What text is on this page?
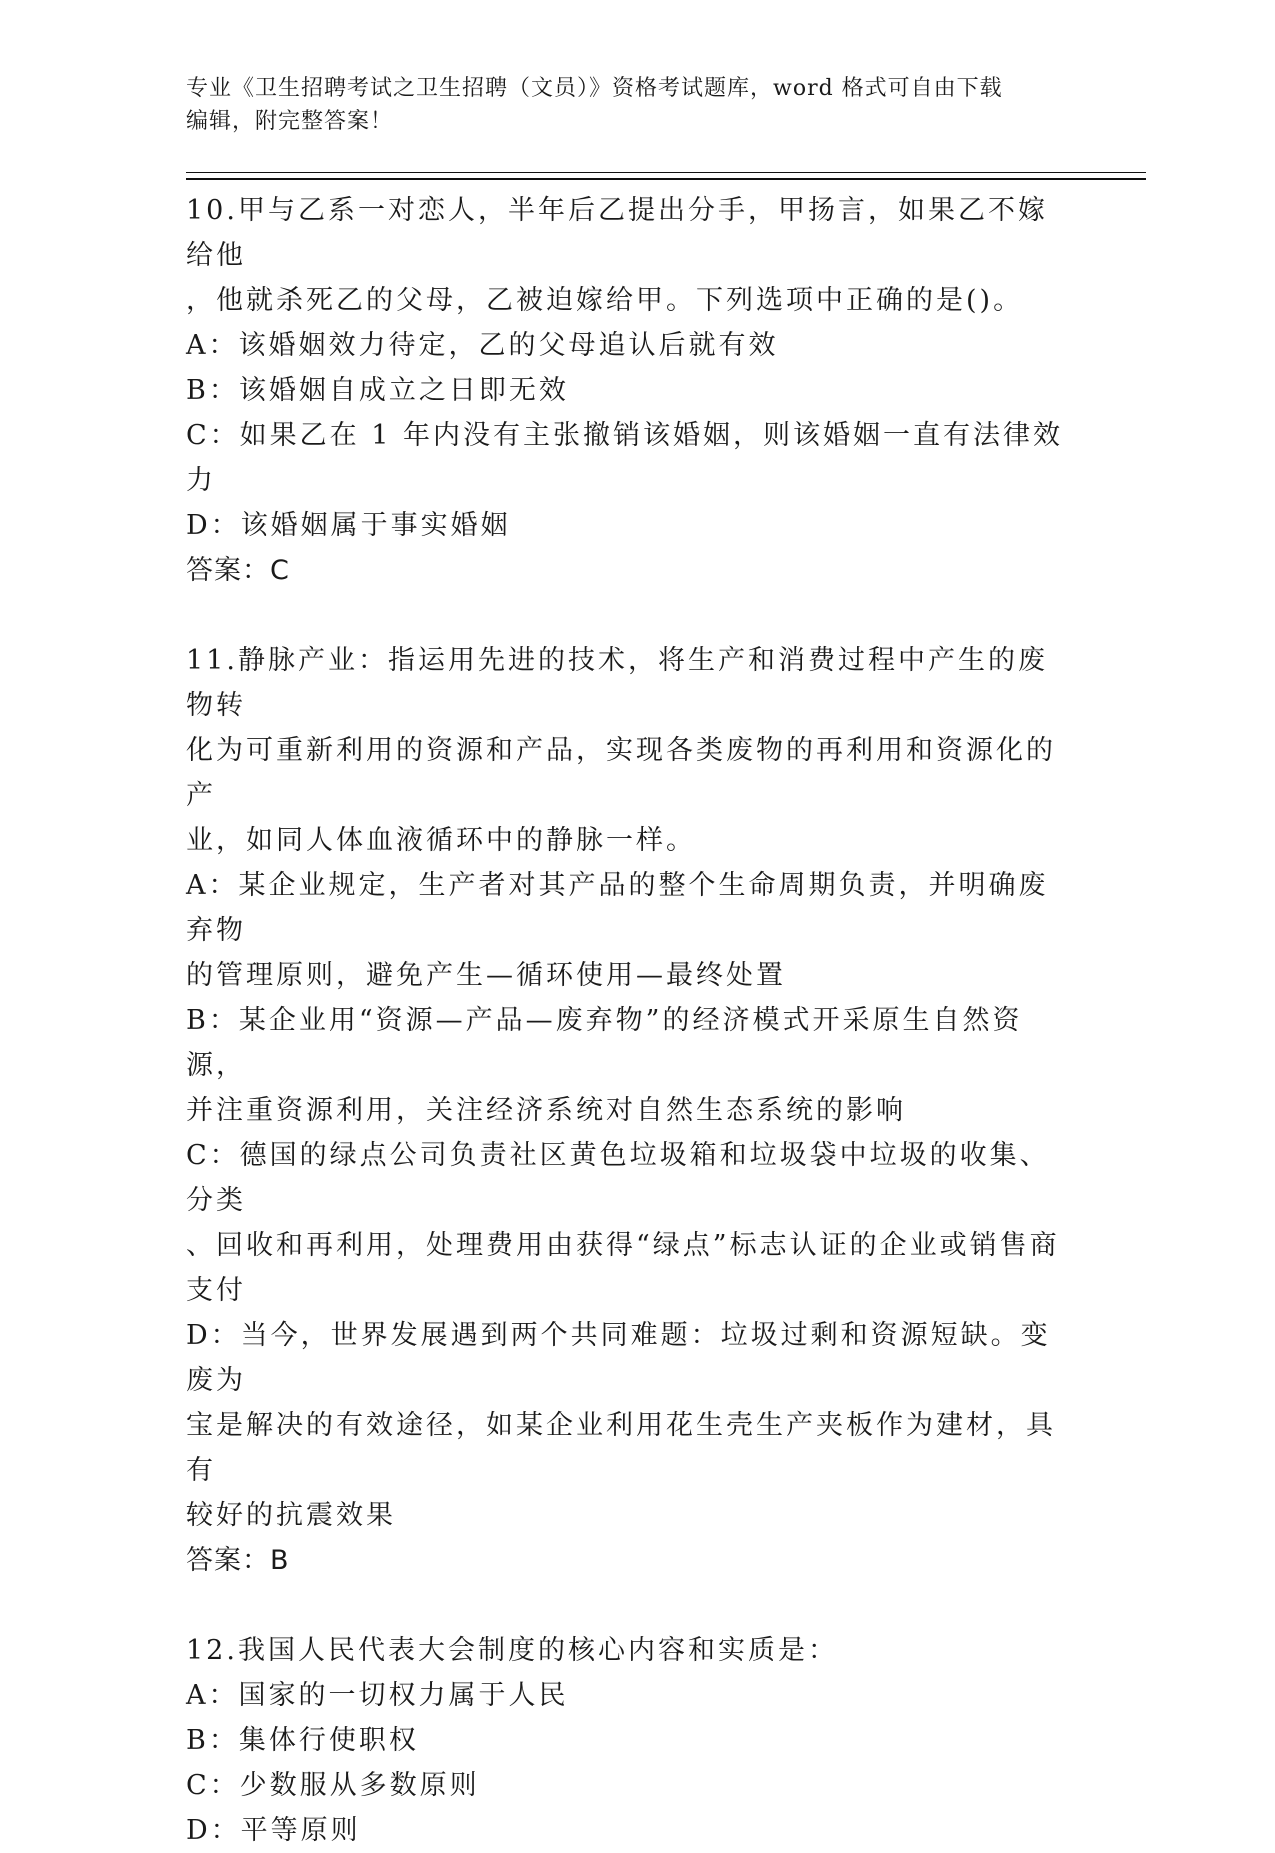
专业《卫生招聘考试之卫生招聘（文员）》资格考试题库，word 格式可自由下载
编辑，附完整答案！
10.甲与乙系一对恋人，半年后乙提出分手，甲扬言，如果乙不嫁给他
，他就杀死乙的父母，乙被迫嫁给甲。下列选项中正确的是()。
A：该婚姻效力待定，乙的父母追认后就有效
B：该婚姻自成立之日即无效
C：如果乙在 1 年内没有主张撤销该婚姻，则该婚姻一直有法律效力
D：该婚姻属于事实婚姻
答案：C
11.静脉产业：指运用先进的技术，将生产和消费过程中产生的废物转
化为可重新利用的资源和产品，实现各类废物的再利用和资源化的产
业，如同人体血液循环中的静脉一样。
A：某企业规定，生产者对其产品的整个生命周期负责，并明确废弃物
的管理原则，避免产生—循环使用—最终处置
B：某企业用“资源—产品—废弃物”的经济模式开采原生自然资源，
并注重资源利用，关注经济系统对自然生态系统的影响
C：德国的绿点公司负责社区黄色垃圾箱和垃圾袋中垃圾的收集、分类
、回收和再利用，处理费用由获得“绿点”标志认证的企业或销售商
支付
D：当今，世界发展遇到两个共同难题：垃圾过剩和资源短缺。变废为
宝是解决的有效途径，如某企业利用花生壳生产夹板作为建材，具有
较好的抗震效果
答案：B
12.我国人民代表大会制度的核心内容和实质是：
A：国家的一切权力属于人民
B：集体行使职权
C：少数服从多数原则
D：平等原则
